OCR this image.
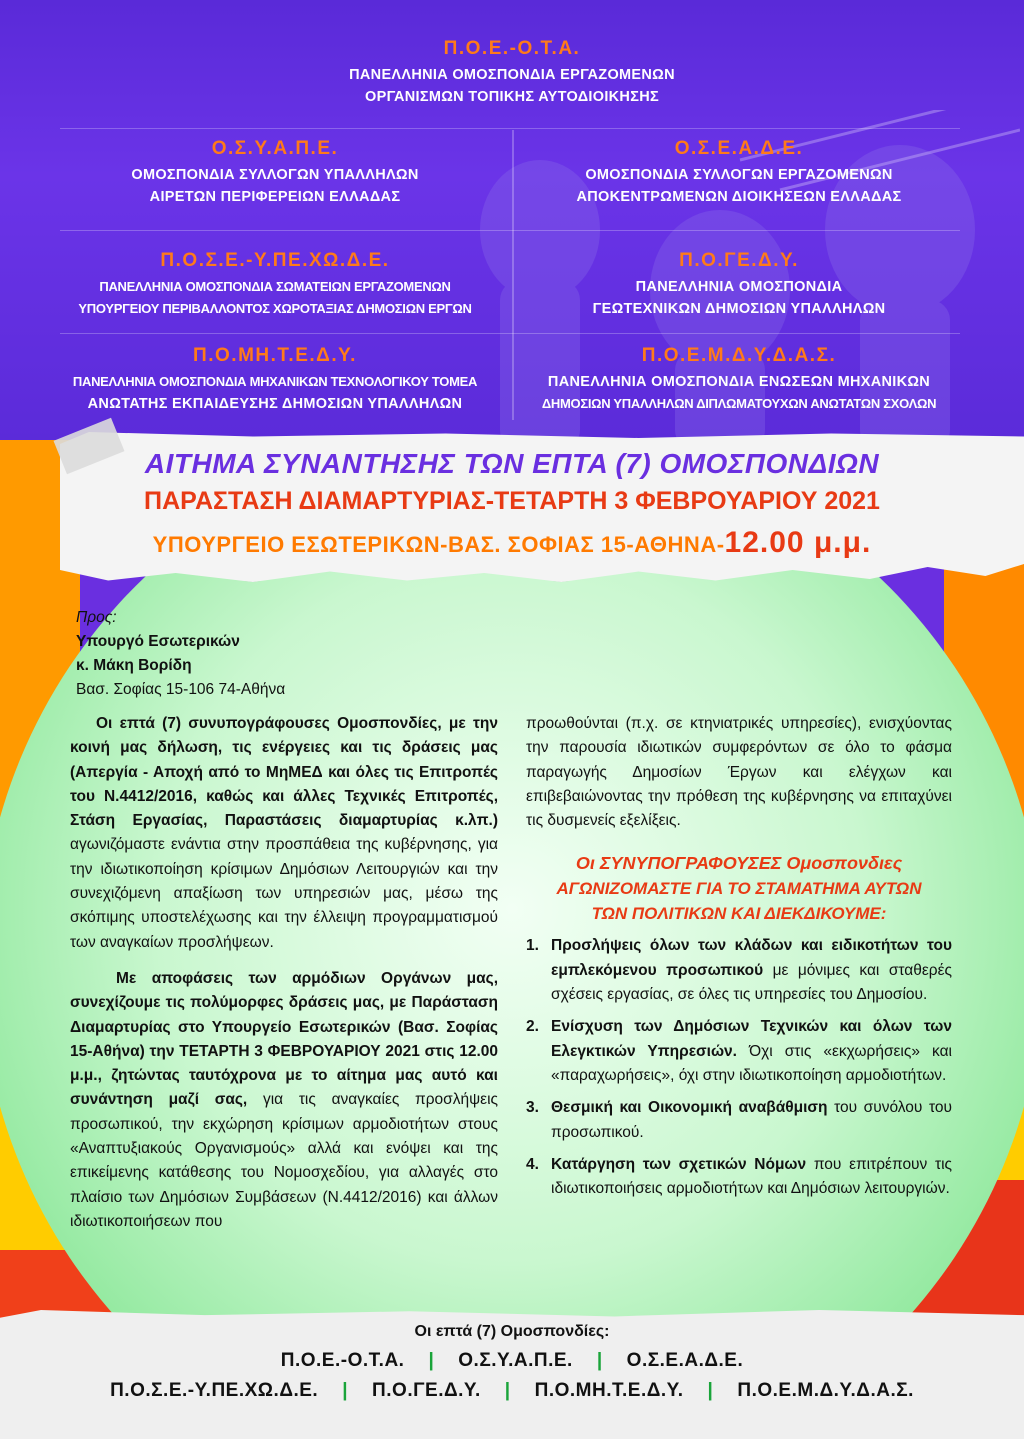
Π.Ο.Ε.-Ο.Τ.Α.
ΠΑΝΕΛΛΗΝΙΑ ΟΜΟΣΠΟΝΔΙΑ ΕΡΓΑΖΟΜΕΝΩΝ
ΟΡΓΑΝΙΣΜΩΝ ΤΟΠΙΚΗΣ ΑΥΤΟΔΙΟΙΚΗΣΗΣ
Ο.Σ.Υ.Α.Π.Ε.
ΟΜΟΣΠΟΝΔΙΑ ΣΥΛΛΟΓΩΝ ΥΠΑΛΛΗΛΩΝ
ΑΙΡΕΤΩΝ ΠΕΡΙΦΕΡΕΙΩΝ ΕΛΛΑΔΑΣ
Ο.Σ.Ε.Α.Δ.Ε.
ΟΜΟΣΠΟΝΔΙΑ ΣΥΛΛΟΓΩΝ ΕΡΓΑΖΟΜΕΝΩΝ
ΑΠΟΚΕΝΤΡΩΜΕΝΩΝ ΔΙΟΙΚΗΣΕΩΝ ΕΛΛΑΔΑΣ
Π.Ο.Σ.Ε.-Υ.ΠΕ.ΧΩ.Δ.Ε.
ΠΑΝΕΛΛΗΝΙΑ ΟΜΟΣΠΟΝΔΙΑ ΣΩΜΑΤΕΙΩΝ ΕΡΓΑΖΟΜΕΝΩΝ
ΥΠΟΥΡΓΕΙΟΥ ΠΕΡΙΒΑΛΛΟΝΤΟΣ ΧΩΡΟΤΑΞΙΑΣ ΔΗΜΟΣΙΩΝ ΕΡΓΩΝ
Π.Ο.ΓΕ.Δ.Υ.
ΠΑΝΕΛΛΗΝΙΑ ΟΜΟΣΠΟΝΔΙΑ
ΓΕΩΤΕΧΝΙΚΩΝ ΔΗΜΟΣΙΩΝ ΥΠΑΛΛΗΛΩΝ
Π.Ο.ΜΗ.Τ.Ε.Δ.Υ.
ΠΑΝΕΛΛΗΝΙΑ ΟΜΟΣΠΟΝΔΙΑ ΜΗΧΑΝΙΚΩΝ ΤΕΧΝΟΛΟΓΙΚΟΥ ΤΟΜΕΑ
ΑΝΩΤΑΤΗΣ ΕΚΠΑΙΔΕΥΣΗΣ ΔΗΜΟΣΙΩΝ ΥΠΑΛΛΗΛΩΝ
Π.Ο.Ε.Μ.Δ.Υ.Δ.Α.Σ.
ΠΑΝΕΛΛΗΝΙΑ ΟΜΟΣΠΟΝΔΙΑ ΕΝΩΣΕΩΝ ΜΗΧΑΝΙΚΩΝ
ΔΗΜΟΣΙΩΝ ΥΠΑΛΛΗΛΩΝ ΔΙΠΛΩΜΑΤΟΥΧΩΝ ΑΝΩΤΑΤΩΝ ΣΧΟΛΩΝ
ΑΙΤΗΜΑ ΣΥΝΑΝΤΗΣΗΣ ΤΩΝ ΕΠΤΑ (7) ΟΜΟΣΠΟΝΔΙΩΝ
ΠΑΡΑΣΤΑΣΗ ΔΙΑΜΑΡΤΥΡΙΑΣ-ΤΕΤΑΡΤΗ 3 ΦΕΒΡΟΥΑΡΙΟΥ 2021
ΥΠΟΥΡΓΕΙΟ ΕΣΩΤΕΡΙΚΩΝ-ΒΑΣ. ΣΟΦΙΑΣ 15-ΑΘΗΝΑ-12.00 μ.μ.
Προς:
Υπουργό Εσωτερικών
κ. Μάκη Βορίδη
Βασ. Σοφίας 15-106 74-Αθήνα

Οι επτά (7) συνυπογράφουσες Ομοσπονδίες, με την κοινή μας δήλωση, τις ενέργειες και τις δράσεις μας (Απεργία - Αποχή από το ΜηΜΕΔ και όλες τις Επιτροπές του Ν.4412/2016, καθώς και άλλες Τεχνικές Επιτροπές, Στάση Εργασίας, Παραστάσεις διαμαρτυρίας κ.λπ.) αγωνιζόμαστε ενάντια στην προσπάθεια της κυβέρνησης, για την ιδιωτικοποίηση κρίσιμων Δημόσιων Λειτουργιών και την συνεχιζόμενη απαξίωση των υπηρεσιών μας, μέσω της σκόπιμης υποστελέχωσης και την έλλειψη προγραμματισμού των αναγκαίων προσλήψεων.

Με αποφάσεις των αρμόδιων Οργάνων μας, συνεχίζουμε τις πολύμορφες δράσεις μας, με Παράσταση Διαμαρτυρίας στο Υπουργείο Εσωτερικών (Βασ. Σοφίας 15-Αθήνα) την ΤΕΤΑΡΤΗ 3 ΦΕΒΡΟΥΑΡΙΟΥ 2021 στις 12.00 μ.μ., ζητώντας ταυτόχρονα με το αίτημα μας αυτό και συνάντηση μαζί σας, για τις αναγκαίες προσλήψεις προσωπικού, την εκχώρηση κρίσιμων αρμοδιοτήτων στους «Αναπτυξιακούς Οργανισμούς» αλλά και ενόψει και της επικείμενης κατάθεσης του Νομοσχεδίου, για αλλαγές στο πλαίσιο των Δημόσιων Συμβάσεων (Ν.4412/2016) και άλλων ιδιωτικοποιήσεων που

προωθούνται (π.χ. σε κτηνιατρικές υπηρεσίες), ενισχύοντας την παρουσία ιδιωτικών συμφερόντων σε όλο το φάσμα παραγωγής Δημοσίων Έργων και ελέγχων και επιβεβαιώνοντας την πρόθεση της κυβέρνησης να επιταχύνει τις δυσμενείς εξελίξεις.

Οι ΣΥΝΥΠΟΓΡΑΦΟΥΣΕΣ Ομοσπονδιες
ΑΓΩΝΙΖΟΜΑΣΤΕ ΓΙΑ ΤΟ ΣΤΑΜΑΤΗΜΑ ΑΥΤΩΝ
ΤΩΝ ΠΟΛΙΤΙΚΩΝ ΚΑΙ ΔΙΕΚΔΙΚΟΥΜΕ:
1. Προσλήψεις όλων των κλάδων και ειδικοτήτων του εμπλεκόμενου προσωπικού με μόνιμες και σταθερές σχέσεις εργασίας, σε όλες τις υπηρεσίες του Δημοσίου.
2. Ενίσχυση των Δημόσιων Τεχνικών και όλων των Ελεγκτικών Υπηρεσιών. Όχι στις «εκχωρήσεις» και «παραχωρήσεις», όχι στην ιδιωτικοποίηση αρμοδιοτήτων.
3. Θεσμική και Οικονομική αναβάθμιση του συνόλου του προσωπικού.
4. Κατάργηση των σχετικών Νόμων που επιτρέπουν τις ιδιωτικοποιήσεις αρμοδιοτήτων και Δημόσιων λειτουργιών.
Οι επτά (7) Ομοσπονδίες:
Π.Ο.Ε.-Ο.Τ.Α. | Ο.Σ.Υ.Α.Π.Ε. | Ο.Σ.Ε.Α.Δ.Ε.
Π.Ο.Σ.Ε.-Υ.ΠΕ.ΧΩ.Δ.Ε. | Π.Ο.ΓΕ.Δ.Υ. | Π.Ο.ΜΗ.Τ.Ε.Δ.Υ. | Π.Ο.Ε.Μ.Δ.Υ.Δ.Α.Σ.
